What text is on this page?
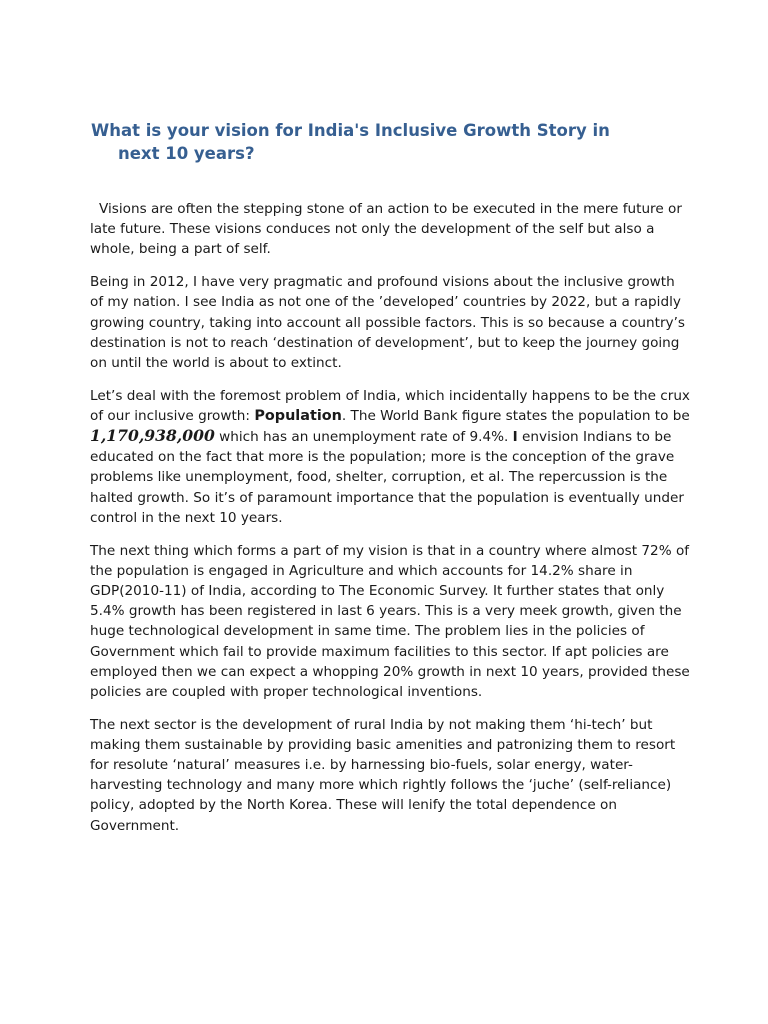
What is your vision for India's Inclusive Growth Story in
next 10 years?

Visions are often the stepping stone of an action to be executed in the mere future or late future. These visions conduces not only the development of the self but also a whole, being a part of self.

Being in 2012, I have very pragmatic and profound visions about the inclusive growth of my nation. I see India as not one of the ’developed’ countries by 2022, but a rapidly growing country, taking into account all possible factors. This is so because a country’s destination is not to reach ‘destination of development’, but to keep the journey going on until the world is about to extinct.

Let’s deal with the foremost problem of India, which incidentally happens to be the crux of our inclusive growth: Population. The World Bank figure states the population to be 1,170,938,000 which has an unemployment rate of 9.4%. I envision Indians to be educated on the fact that more is the population; more is the conception of the grave problems like unemployment, food, shelter, corruption, et al. The repercussion is the halted growth. So it’s of paramount importance that the population is eventually under control in the next 10 years.

The next thing which forms a part of my vision is that in a country where almost 72% of the population is engaged in Agriculture and which accounts for 14.2% share in GDP(2010-11) of India, according to The Economic Survey. It further states that only 5.4% growth has been registered in last 6 years. This is a very meek growth, given the huge technological development in same time. The problem lies in the policies of Government which fail to provide maximum facilities to this sector. If apt policies are employed then we can expect a whopping 20% growth in next 10 years, provided these policies are coupled with proper technological inventions.

The next sector is the development of rural India by not making them ‘hi-tech’ but making them sustainable by providing basic amenities and patronizing them to resort for resolute ‘natural’ measures i.e. by harnessing bio-fuels, solar energy, water-harvesting technology and many more which rightly follows the ‘juche’ (self-reliance) policy, adopted by the North Korea. These will lenify the total dependence on Government.
